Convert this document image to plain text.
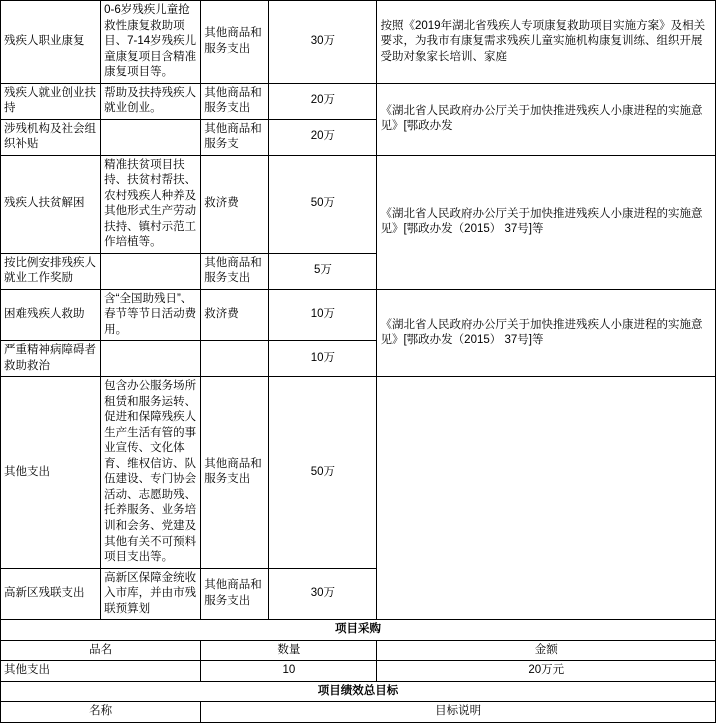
残疾人职业康复	0-6岁残疾儿童抢救性康复救助项目、7-14岁残疾儿童康复项目含精准康复项目等。	其他商品和服务支出	30万	按照《2019年湖北省残疾人专项康复救助项目实施方案》及相关要求，为我市有康复需求残疾儿童实施机构康复训练、组织开展受助对象家长培训、家庭
残疾人就业创业扶持	帮助及扶持残疾人就业创业。	其他商品和服务支出	20万	《湖北省人民政府办公厅关于加快推进残疾人小康进程的实施意见》[鄂政办发
涉残机构及社会组织补贴		其他商品和服务支	20万	
残疾人扶贫解困	精准扶贫项目扶持、扶贫村帮扶、农村残疾人种养及其他形式生产劳动扶持、镇村示范工作培植等。	救济费	50万	《湖北省人民政府办公厅关于加快推进残疾人小康进程的实施意见》[鄂政办发（2015） 37号]等
按比例安排残疾人就业工作奖励		其他商品和服务支出	5万	
困难残疾人救助	含“全国助残日”、春节等节日活动费用。	救济费	10万	《湖北省人民政府办公厅关于加快推进残疾人小康进程的实施意见》[鄂政办发（2015） 37号]等
严重精神病障碍者救助救治			10万	
其他支出	包含办公服务场所租赁和服务运转、促进和保障残疾人生产生活有管的事业宣传、文化体育、维权信访、队伍建设、专门协会活动、志愿助残、托养服务、业务培训和会务、党建及其他有关不可预料项目支出等。	其他商品和服务支出	50万	
高新区残联支出	高新区保障金统收入市库，并由市残联预算划	其他商品和服务支出	30万	
项目采购				
品名		数量		金额
其他支出		10		20万元
项目绩效总目标				
名称		目标说明		
